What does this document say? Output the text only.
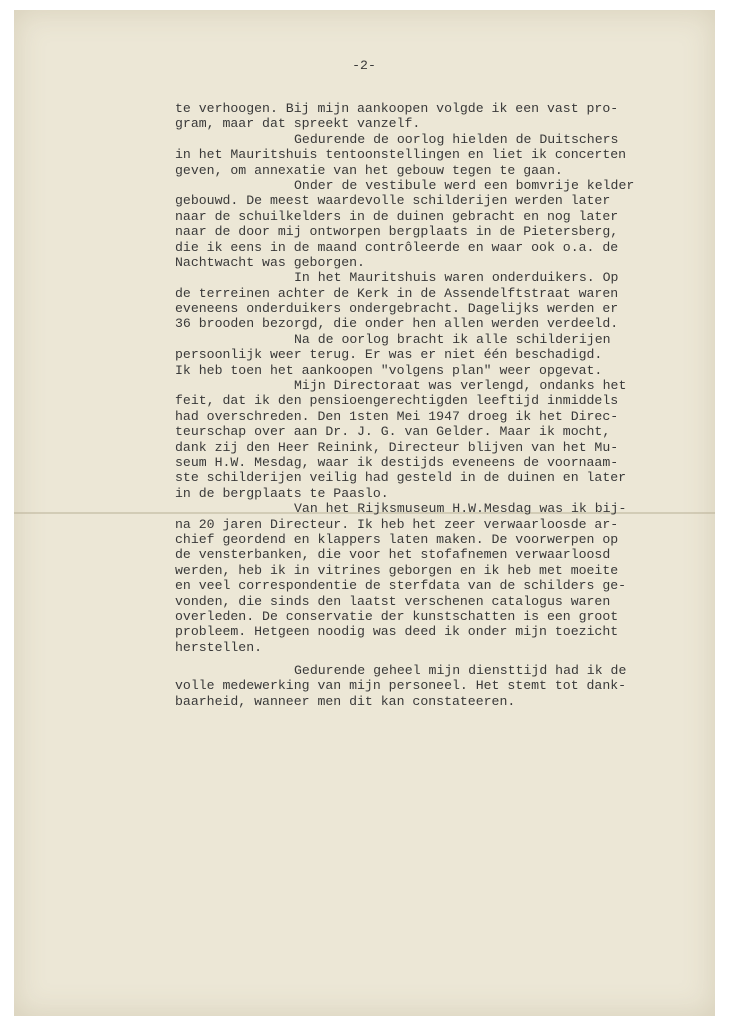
-2-
te verhoogen. Bij mijn aankoopen volgde ik een vast pro-
gram, maar dat spreekt vanzelf.
Gedurende de oorlog hielden de Duitschers
in het Mauritshuis tentoonstellingen en liet ik concerten
geven, om annexatie van het gebouw tegen te gaan.
Onder de vestibule werd een bomvrije kelder
gebouwd. De meest waardevolle schilderijen werden later
naar de schuilkelders in de duinen gebracht en nog later
naar de door mij ontworpen bergplaats in de Pietersberg,
die ik eens in de maand contrôleerde en waar ook o.a. de
Nachtwacht was geborgen.
In het Mauritshuis waren onderduikers. Op
de terreinen achter de Kerk in de Assendelftstraat waren
eveneens onderduikers ondergebracht. Dagelijks werden er
36 brooden bezorgd, die onder hen allen werden verdeeld.
Na de oorlog bracht ik alle schilderijen
persoonlijk weer terug. Er was er niet één beschadigd.
Ik heb toen het aankoopen "volgens plan" weer opgevat.
Mijn Directoraat was verlengd, ondanks het
feit, dat ik den pensioengerechtigden leeftijd inmiddels
had overschreden. Den 1sten Mei 1947 droeg ik het Direc-
teurschap over aan Dr. J. G. van Gelder. Maar ik mocht,
dank zij den Heer Reinink, Directeur blijven van het Mu-
seum H.W. Mesdag, waar ik destijds eveneens de voornaam-
ste schilderijen veilig had gesteld in de duinen en later
in de bergplaats te Paaslo.
Van het Rijksmuseum H.W.Mesdag was ik bij-
na 20 jaren Directeur. Ik heb het zeer verwaarloosde ar-
chief geordend en klappers laten maken. De voorwerpen op
de vensterbanken, die voor het stofafnemen verwaarloosd
werden, heb ik in vitrines geborgen en ik heb met moeite
en veel correspondentie de sterfdata van de schilders ge-
vonden, die sinds den laatst verschenen catalogus waren
overleden. De conservatie der kunstschatten is een groot
probleem. Hetgeen noodig was deed ik onder mijn toezicht
herstellen.
Gedurende geheel mijn diensttijd had ik de
volle medewerking van mijn personeel. Het stemt tot dank-
baarheid, wanneer men dit kan constateeren.
